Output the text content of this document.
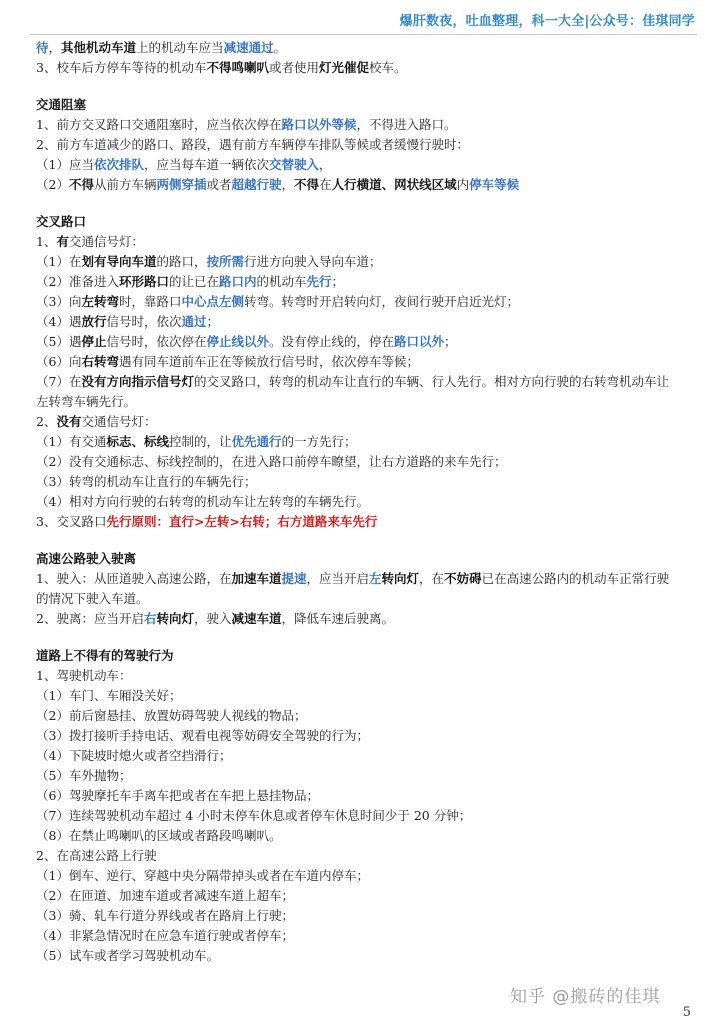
爆肝数夜，吐血整理，科一大全|公众号：佳琪同学
待，其他机动车道上的机动车应当减速通过。
3、校车后方停车等待的机动车不得鸣喇叭或者使用灯光催促校车。
交通阻塞
1、前方交叉路口交通阻塞时，应当依次停在路口以外等候，不得进入路口。
2、前方车道减少的路口、路段，遇有前方车辆停车排队等候或者缓慢行驶时：
（1）应当依次排队，应当每车道一辆依次交替驶入，
（2）不得从前方车辆两侧穿插或者超越行驶，不得在人行横道、网状线区域内停车等候
交叉路口
1、有交通信号灯：
（1）在划有导向车道的路口，按所需行进方向驶入导向车道；
（2）准备进入环形路口的让已在路口内的机动车先行；
（3）向左转弯时，靠路口中心点左侧转弯。转弯时开启转向灯，夜间行驶开启近光灯；
（4）遇放行信号时，依次通过；
（5）遇停止信号时，依次停在停止线以外。没有停止线的，停在路口以外；
（6）向右转弯遇有同车道前车正在等候放行信号时，依次停车等候；
（7）在没有方向指示信号灯的交叉路口，转弯的机动车让直行的车辆、行人先行。相对方向行驶的右转弯机动车让
左转弯车辆先行。
2、没有交通信号灯：
（1）有交通标志、标线控制的，让优先通行的一方先行；
（2）没有交通标志、标线控制的，在进入路口前停车瞭望，让右方道路的来车先行；
（3）转弯的机动车让直行的车辆先行；
（4）相对方向行驶的右转弯的机动车让左转弯的车辆先行。
3、交叉路口先行原则：直行>左转>右转；右方道路来车先行
高速公路驶入驶离
1、驶入：从匝道驶入高速公路，在加速车道提速，应当开启左转向灯，在不妨碍已在高速公路内的机动车正常行驶
的情况下驶入车道。
2、驶离：应当开启右转向灯，驶入减速车道，降低车速后驶离。
道路上不得有的驾驶行为
1、驾驶机动车：
（1）车门、车厢没关好；
（2）前后窗悬挂、放置妨碍驾驶人视线的物品；
（3）拨打接听手持电话、观看电视等妨碍安全驾驶的行为；
（4）下陡坡时熄火或者空挡滑行；
（5）车外抛物；
（6）驾驶摩托车手离车把或者在车把上悬挂物品；
（7）连续驾驶机动车超过 4 小时未停车休息或者停车休息时间少于 20 分钟；
（8）在禁止鸣喇叭的区域或者路段鸣喇叭。
2、在高速公路上行驶
（1）倒车、逆行、穿越中央分隔带掉头或者在车道内停车；
（2）在匝道、加速车道或者减速车道上超车；
（3）骑、轧车行道分界线或者在路肩上行驶；
（4）非紧急情况时在应急车道行驶或者停车；
（5）试车或者学习驾驶机动车。
知乎 @搬砖的佳琪
5
